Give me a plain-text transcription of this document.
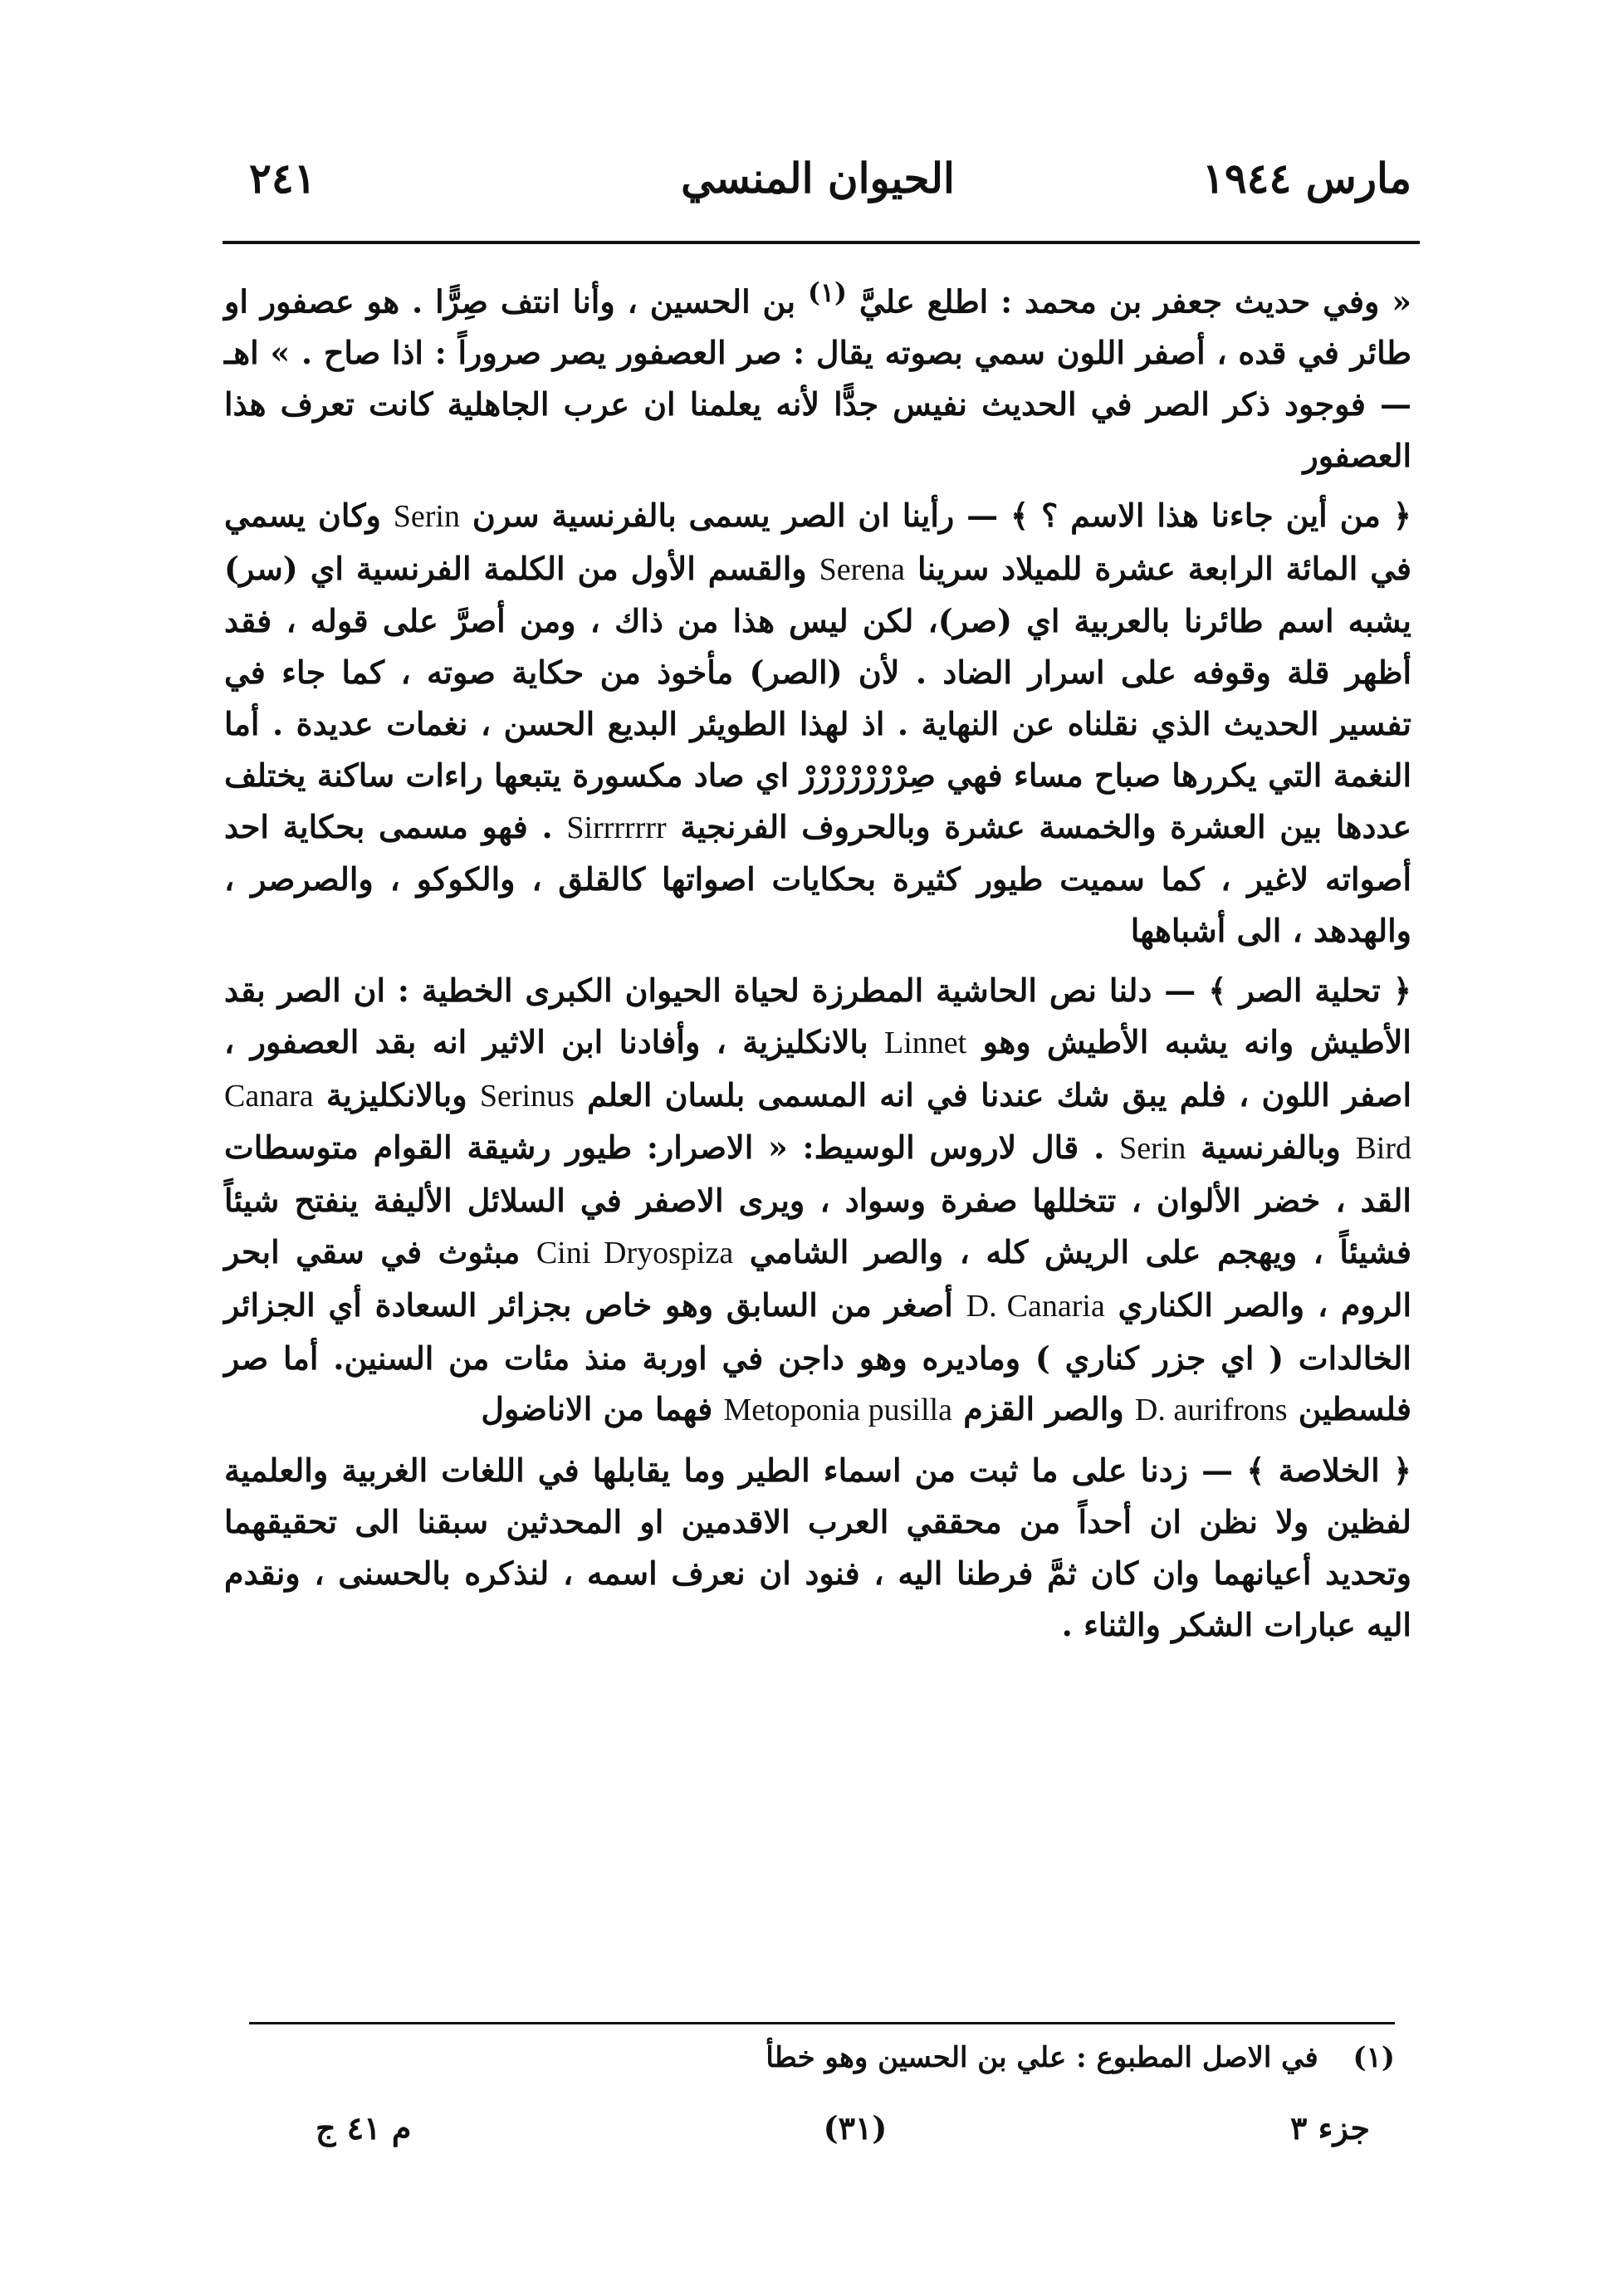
مارس ١٩٤٤
الحيوان المنسي
٢٤١

« وفي حديث جعفر بن محمد : اطلع عليَّ $^{(١)}$ بن الحسين ، وأنا انتف صِرًّا . هو عصفور او طائر في قده ، أصفر اللون سمي بصوته يقال : صر العصفور يصر صروراً : اذا صاح . » اهـ — فوجود ذكر الصر في الحديث نفيس جدًّا لأنه يعلمنا ان عرب الجاهلية كانت تعرف هذا العصفور

﴿ من أين جاءنا هذا الاسم ؟ ﴾ — رأينا ان الصر يسمى بالفرنسية سرن Serin وكان يسمي في المائة الرابعة عشرة للميلاد سرينا Serena والقسم الأول من الكلمة الفرنسية اي (سر) يشبه اسم طائرنا بالعربية اي (صر)، لكن ليس هذا من ذاك ، ومن أصرَّ على قوله ، فقد أظهر قلة وقوفه على اسرار الضاد . لأن (الصر) مأخوذ من حكاية صوته ، كما جاء في تفسير الحديث الذي نقلناه عن النهاية . اذ لهذا الطويئر البديع الحسن ، نغمات عديدة . أما النغمة التي يكررها صباح مساء فهي صِرْرْرْرْرْرْرْ اي صاد مكسورة يتبعها راءات ساكنة يختلف عددها بين العشرة والخمسة عشرة وبالحروف الفرنجية Sirrrrrrr . فهو مسمى بحكاية احد أصواته لاغير ، كما سميت طيور كثيرة بحكايات اصواتها كالقلق ، والكوكو ، والصرصر ، والهدهد ، الى أشباهها

﴿ تحلية الصر ﴾ — دلنا نص الحاشية المطرزة لحياة الحيوان الكبرى الخطية : ان الصر بقد الأطيش وانه يشبه الأطيش وهو Linnet بالانكليزية ، وأفادنا ابن الاثير انه بقد العصفور ، اصفر اللون ، فلم يبق شك عندنا في انه المسمى بلسان العلم Serinus وبالانكليزية Canara Bird وبالفرنسية Serin . قال لاروس الوسيط: « الاصرار: طيور رشيقة القوام متوسطات القد ، خضر الألوان ، تتخللها صفرة وسواد ، ويرى الاصفر في السلائل الأليفة ينفتح شيئاً فشيئاً ، ويهجم على الريش كله ، والصر الشامي Cini Dryospiza مبثوث في سقي ابحر الروم ، والصر الكناري D. Canaria أصغر من السابق وهو خاص بجزائر السعادة أي الجزائر الخالدات ( اي جزر كناري ) وماديره وهو داجن في اوربة منذ مئات من السنين. أما صر فلسطين D. aurifrons والصر القزم Metoponia pusilla فهما من الاناضول

﴿ الخلاصة ﴾ — زدنا على ما ثبت من اسماء الطير وما يقابلها في اللغات الغربية والعلمية لفظين ولا نظن ان أحداً من محققي العرب الاقدمين او المحدثين سبقنا الى تحقيقهما وتحديد أعيانهما وان كان ثمَّ فرطنا اليه ، فنود ان نعرف اسمه ، لنذكره بالحسنى ، ونقدم اليه عبارات الشكر والثناء .

(١) في الاصل المطبوع : علي بن الحسين وهو خطأ
جزء ٣
(٣١)
م ٤١ ج
